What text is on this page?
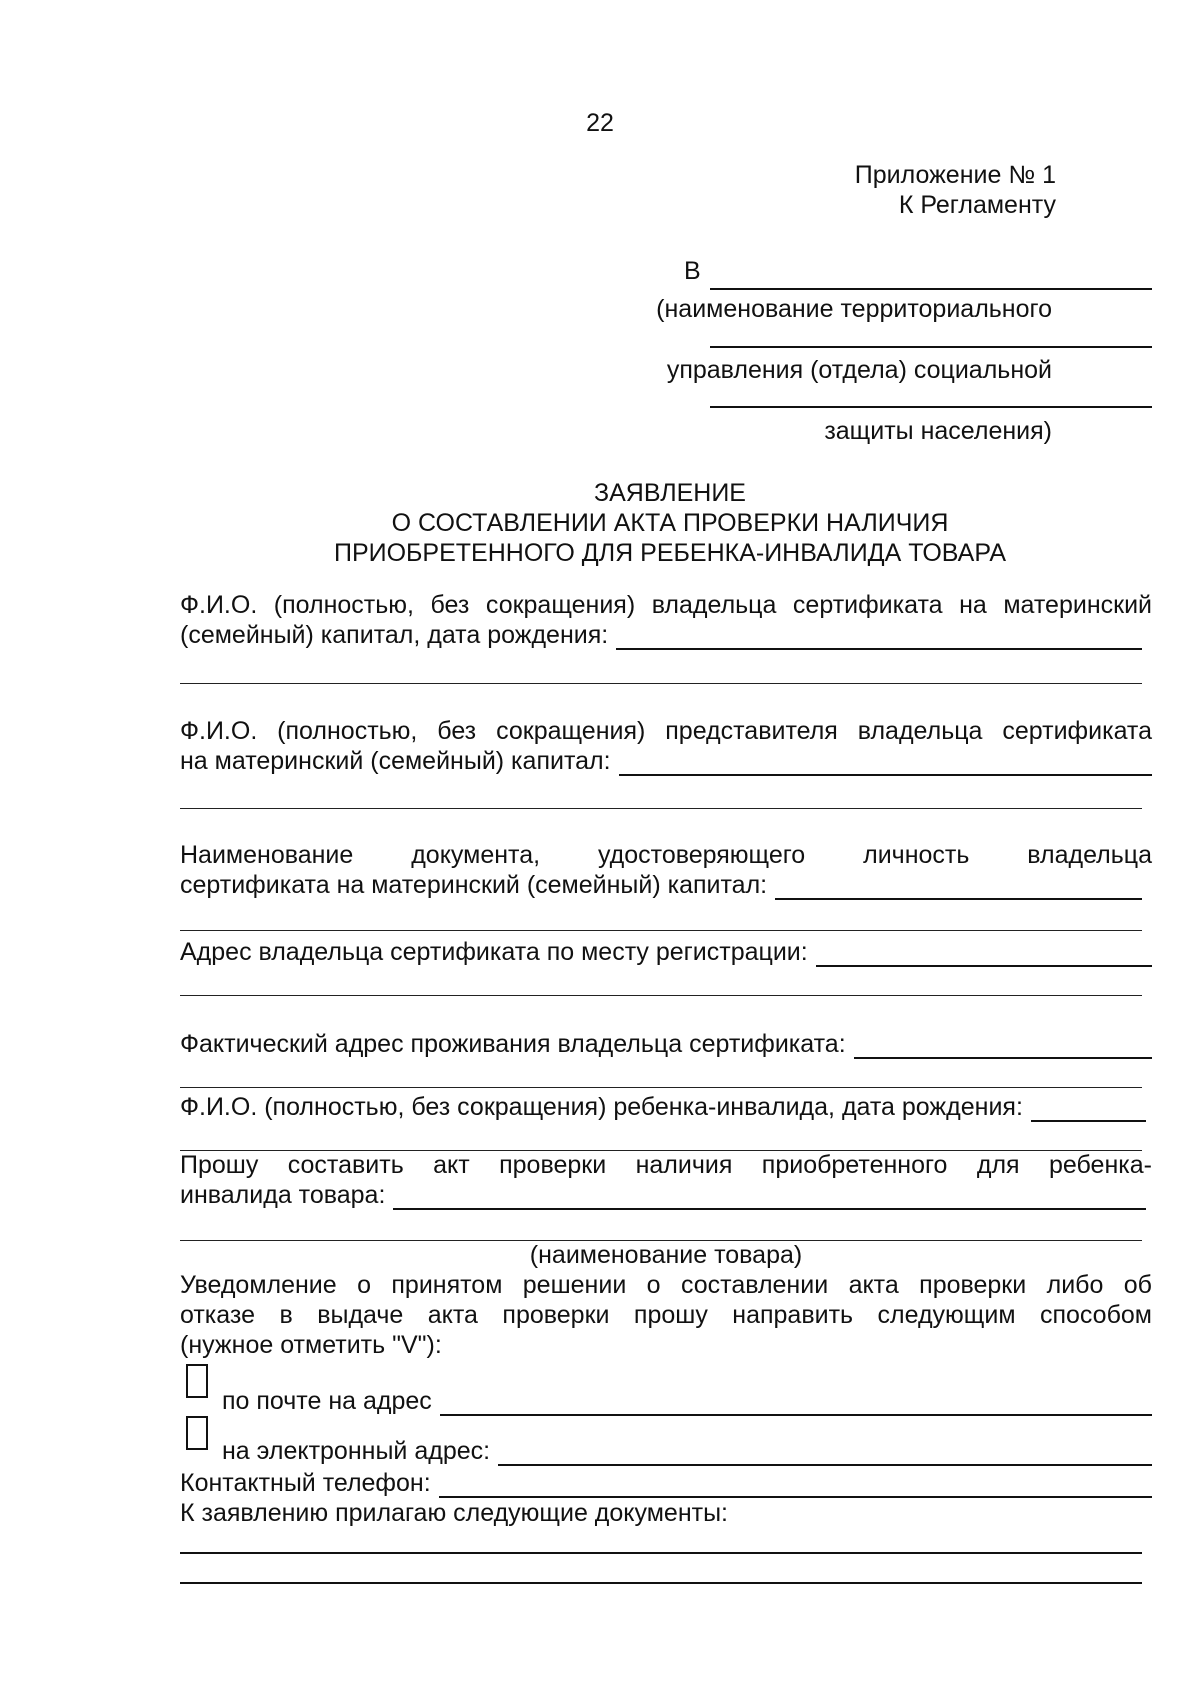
22
Приложение № 1
К Регламенту
В
(наименование территориального
управления (отдела) социальной
защиты населения)
ЗАЯВЛЕНИЕ
О СОСТАВЛЕНИИ АКТА ПРОВЕРКИ НАЛИЧИЯ
ПРИОБРЕТЕННОГО ДЛЯ РЕБЕНКА-ИНВАЛИДА ТОВАРА
Ф.И.О. (полностью, без сокращения) владельца сертификата на материнский
(семейный) капитал, дата рождения:
Ф.И.О. (полностью, без сокращения) представителя владельца сертификата
на материнский (семейный) капитал:
Наименование документа, удостоверяющего личность владельца
сертификата на материнский (семейный) капитал:
Адрес владельца сертификата по месту регистрации:
Фактический адрес проживания владельца сертификата:
Ф.И.О. (полностью, без сокращения) ребенка-инвалида, дата рождения:
Прошу составить акт проверки наличия приобретенного для ребенка-
инвалида товара:
(наименование товара)
Уведомление о принятом решении о составлении акта проверки либо об
отказе в выдаче акта проверки прошу направить следующим способом
(нужное отметить "V"):
по почте на адрес
на электронный адрес:
Контактный телефон:
К заявлению прилагаю следующие документы:
